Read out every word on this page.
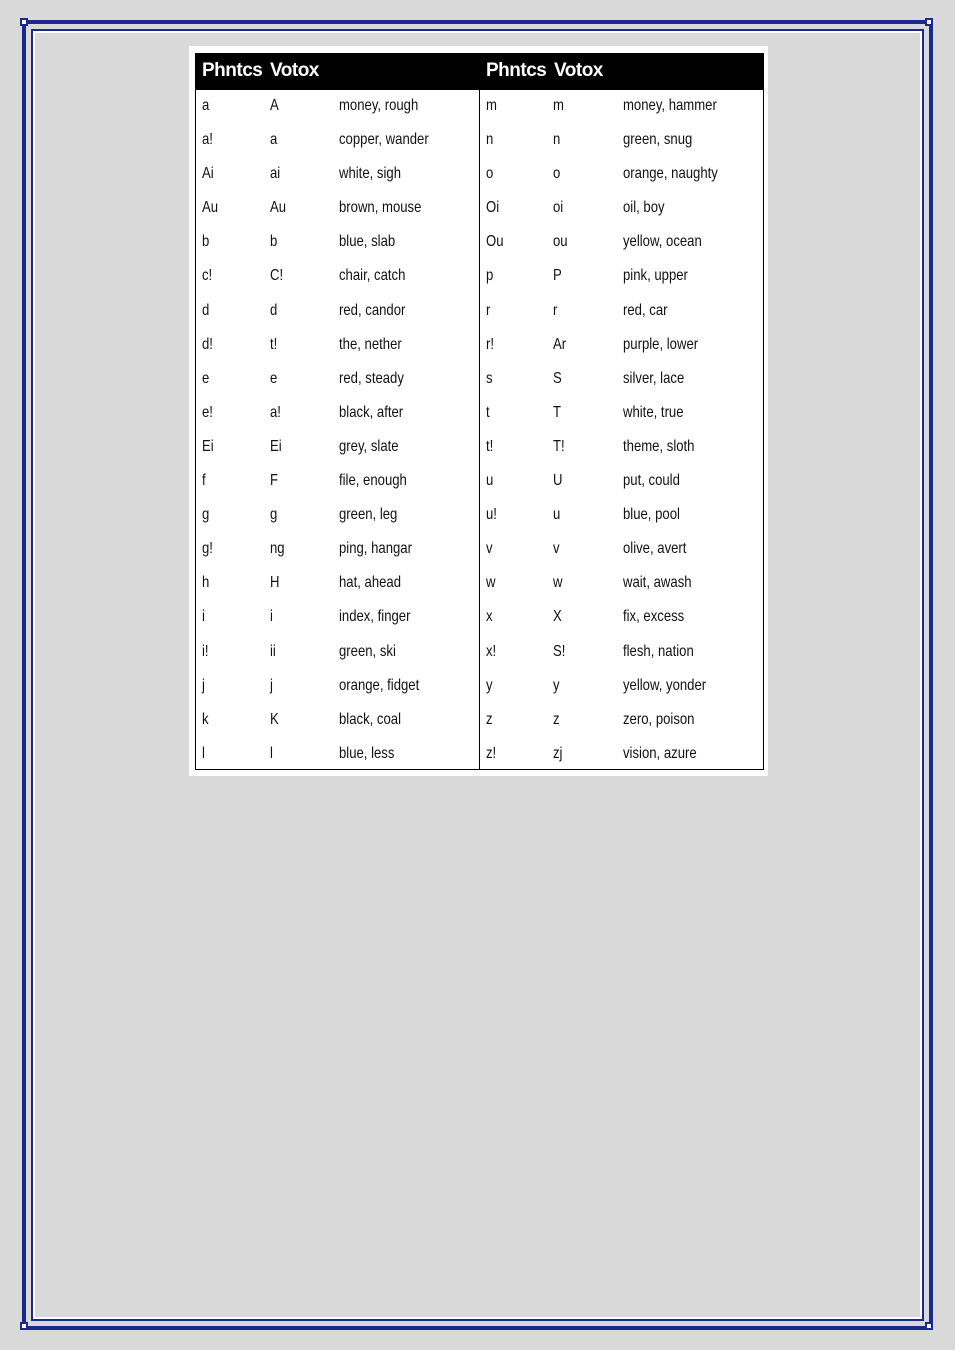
Phntcs Votox	Phntcs Votox
a	A	money, rough	m	m	money, hammer
a!	a	copper, wander	n	n	green, snug
Ai	ai	white, sigh	o	o	orange, naughty
Au	Au	brown, mouse	Oi	oi	oil, boy
b	b	blue, slab	Ou	ou	yellow, ocean
c!	C!	chair, catch	p	P	pink, upper
d	d	red, candor	r	r	red, car
d!	t!	the, nether	r!	Ar	purple, lower
e	e	red, steady	s	S	silver, lace
e!	a!	black, after	t	T	white, true
Ei	Ei	grey, slate	t!	T!	theme, sloth
f	F	file, enough	u	U	put, could
g	g	green, leg	u!	u	blue, pool
g!	ng	ping, hangar	v	v	olive, avert
h	H	hat, ahead	w	w	wait, awash
i	i	index, finger	x	X	fix, excess
i!	ii	green, ski	x!	S!	flesh, nation
j	j	orange, fidget	y	y	yellow, yonder
k	K	black, coal	z	z	zero, poison
l	l	blue, less	z!	zj	vision, azure
